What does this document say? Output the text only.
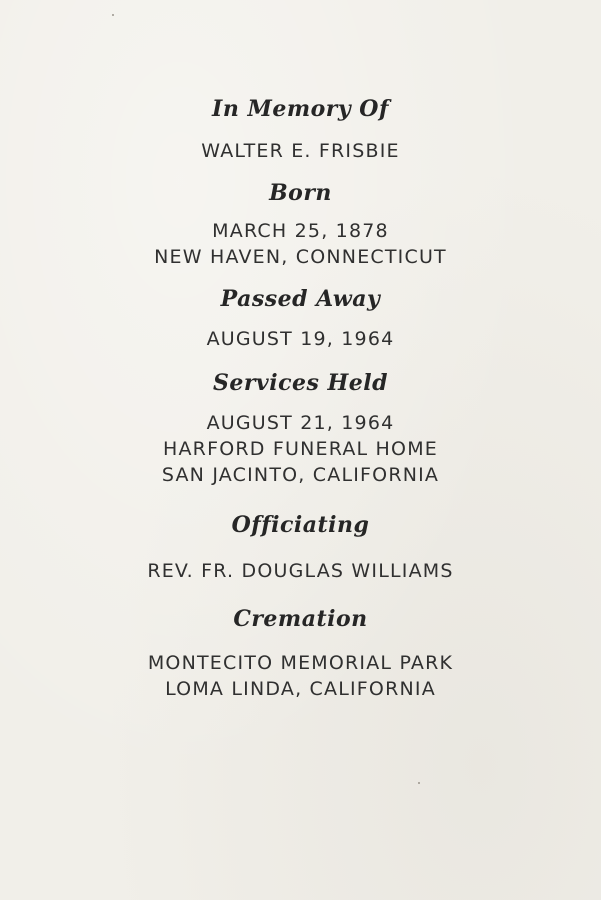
In Memory Of
WALTER E. FRISBIE
Born
MARCH 25, 1878
NEW HAVEN, CONNECTICUT
Passed Away
AUGUST 19, 1964
Services Held
AUGUST 21, 1964
HARFORD FUNERAL HOME
SAN JACINTO, CALIFORNIA
Officiating
REV. FR. DOUGLAS WILLIAMS
Cremation
MONTECITO MEMORIAL PARK
LOMA LINDA, CALIFORNIA
